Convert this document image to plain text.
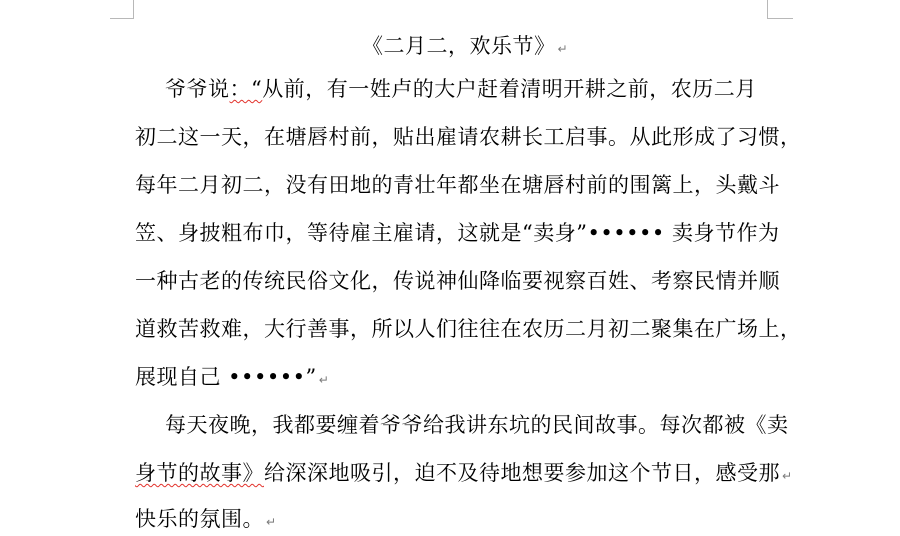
《二月二，欢乐节》 ↵
爷爷说：“从前，有一姓卢的大户赶着清明开耕之前，农历二月
初二这一天，在塘唇村前，贴出雇请农耕长工启事。从此形成了习惯，
每年二月初二，没有田地的青壮年都坐在塘唇村前的围篱上，头戴斗
笠、身披粗布巾，等待雇主雇请，这就是“卖身”•••••• 卖身节作为
一种古老的传统民俗文化，传说神仙降临要视察百姓、考察民情并顺
道救苦救难，大行善事，所以人们往往在农历二月初二聚集在广场上，
展现自己 ••••••” ↵
每天夜晚，我都要缠着爷爷给我讲东坑的民间故事。每次都被《卖
身节的故事》给深深地吸引，迫不及待地想要参加这个节日，感受那 ↵
快乐的氛围。 ↵
